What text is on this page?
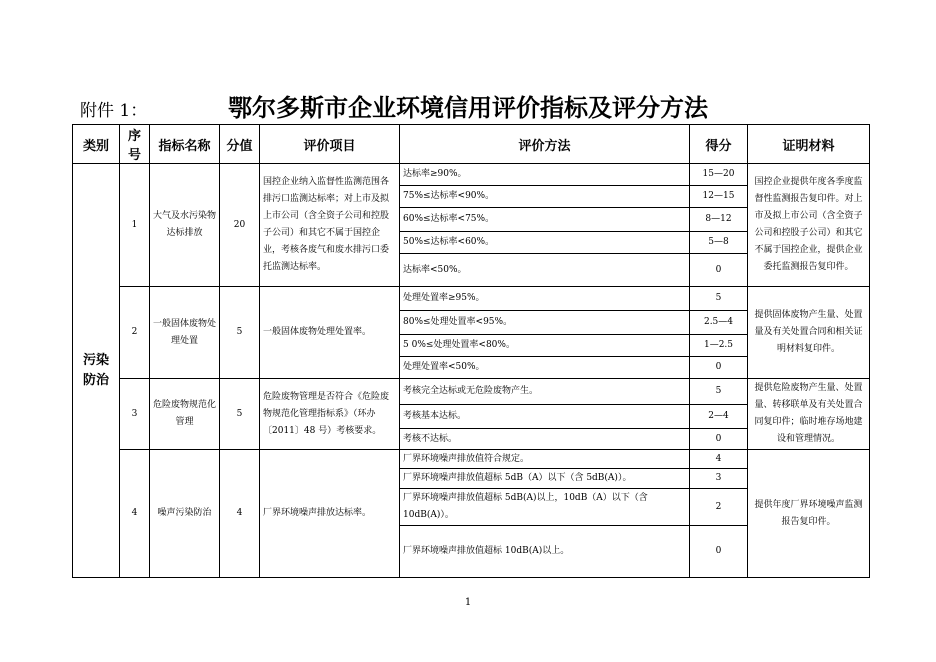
附件 1：	鄂尔多斯市企业环境信用评价指标及评分方法
类别	序号	指标名称	分值	评价项目	评价方法	得分	证明材料

污染防治	1	大气及水污染物达标排放	20	国控企业纳入监督性监测范围各排污口监测达标率；对上市及拟上市公司（含全资子公司和控股子公司）和其它不属于国控企业，考核各废气和废水排污口委托监测达标率。	达标率≥90%。	15—20	国控企业提供年度各季度监督性监测报告复印件。对上市及拟上市公司（含全资子公司和控股子公司）和其它不属于国控企业，提供企业委托监测报告复印件。
					75%≤达标率<90%。	12—15	
					60%≤达标率<75%。	8—12	
					50%≤达标率<60%。	5—8	
					达标率<50%。	0	
	2	一般固体废物处理处置	5	一般固体废物处理处置率。	处理处置率≥95%。	5	提供固体废物产生量、处置量及有关处置合同和相关证明材料复印件。
					80%≤处理处置率<95%。	2.5—4	
					5 0%≤处理处置率<80%。	1—2.5	
					处理处置率<50%。	0	
	3	危险废物规范化管理	5	危险废物管理是否符合《危险废物规范化管理指标系》（环办〔2011〕48 号）考核要求。	考核完全达标或无危险废物产生。	5	提供危险废物产生量、处置量、转移联单及有关处置合同复印件；临时堆存场地建设和管理情况。
					考核基本达标。	2—4	
					考核不达标。	0	
	4	噪声污染防治	4	厂界环境噪声排放达标率。	厂界环境噪声排放值符合规定。	4	提供年度厂界环境噪声监测报告复印件。
					厂界环境噪声排放值超标 5dB（A）以下（含 5dB(A)）。	3	
					厂界环境噪声排放值超标 5dB(A)以上，10dB（A）以下（含 10dB(A)）。	2	
					厂界环境噪声排放值超标 10dB(A)以上。	0	
1
